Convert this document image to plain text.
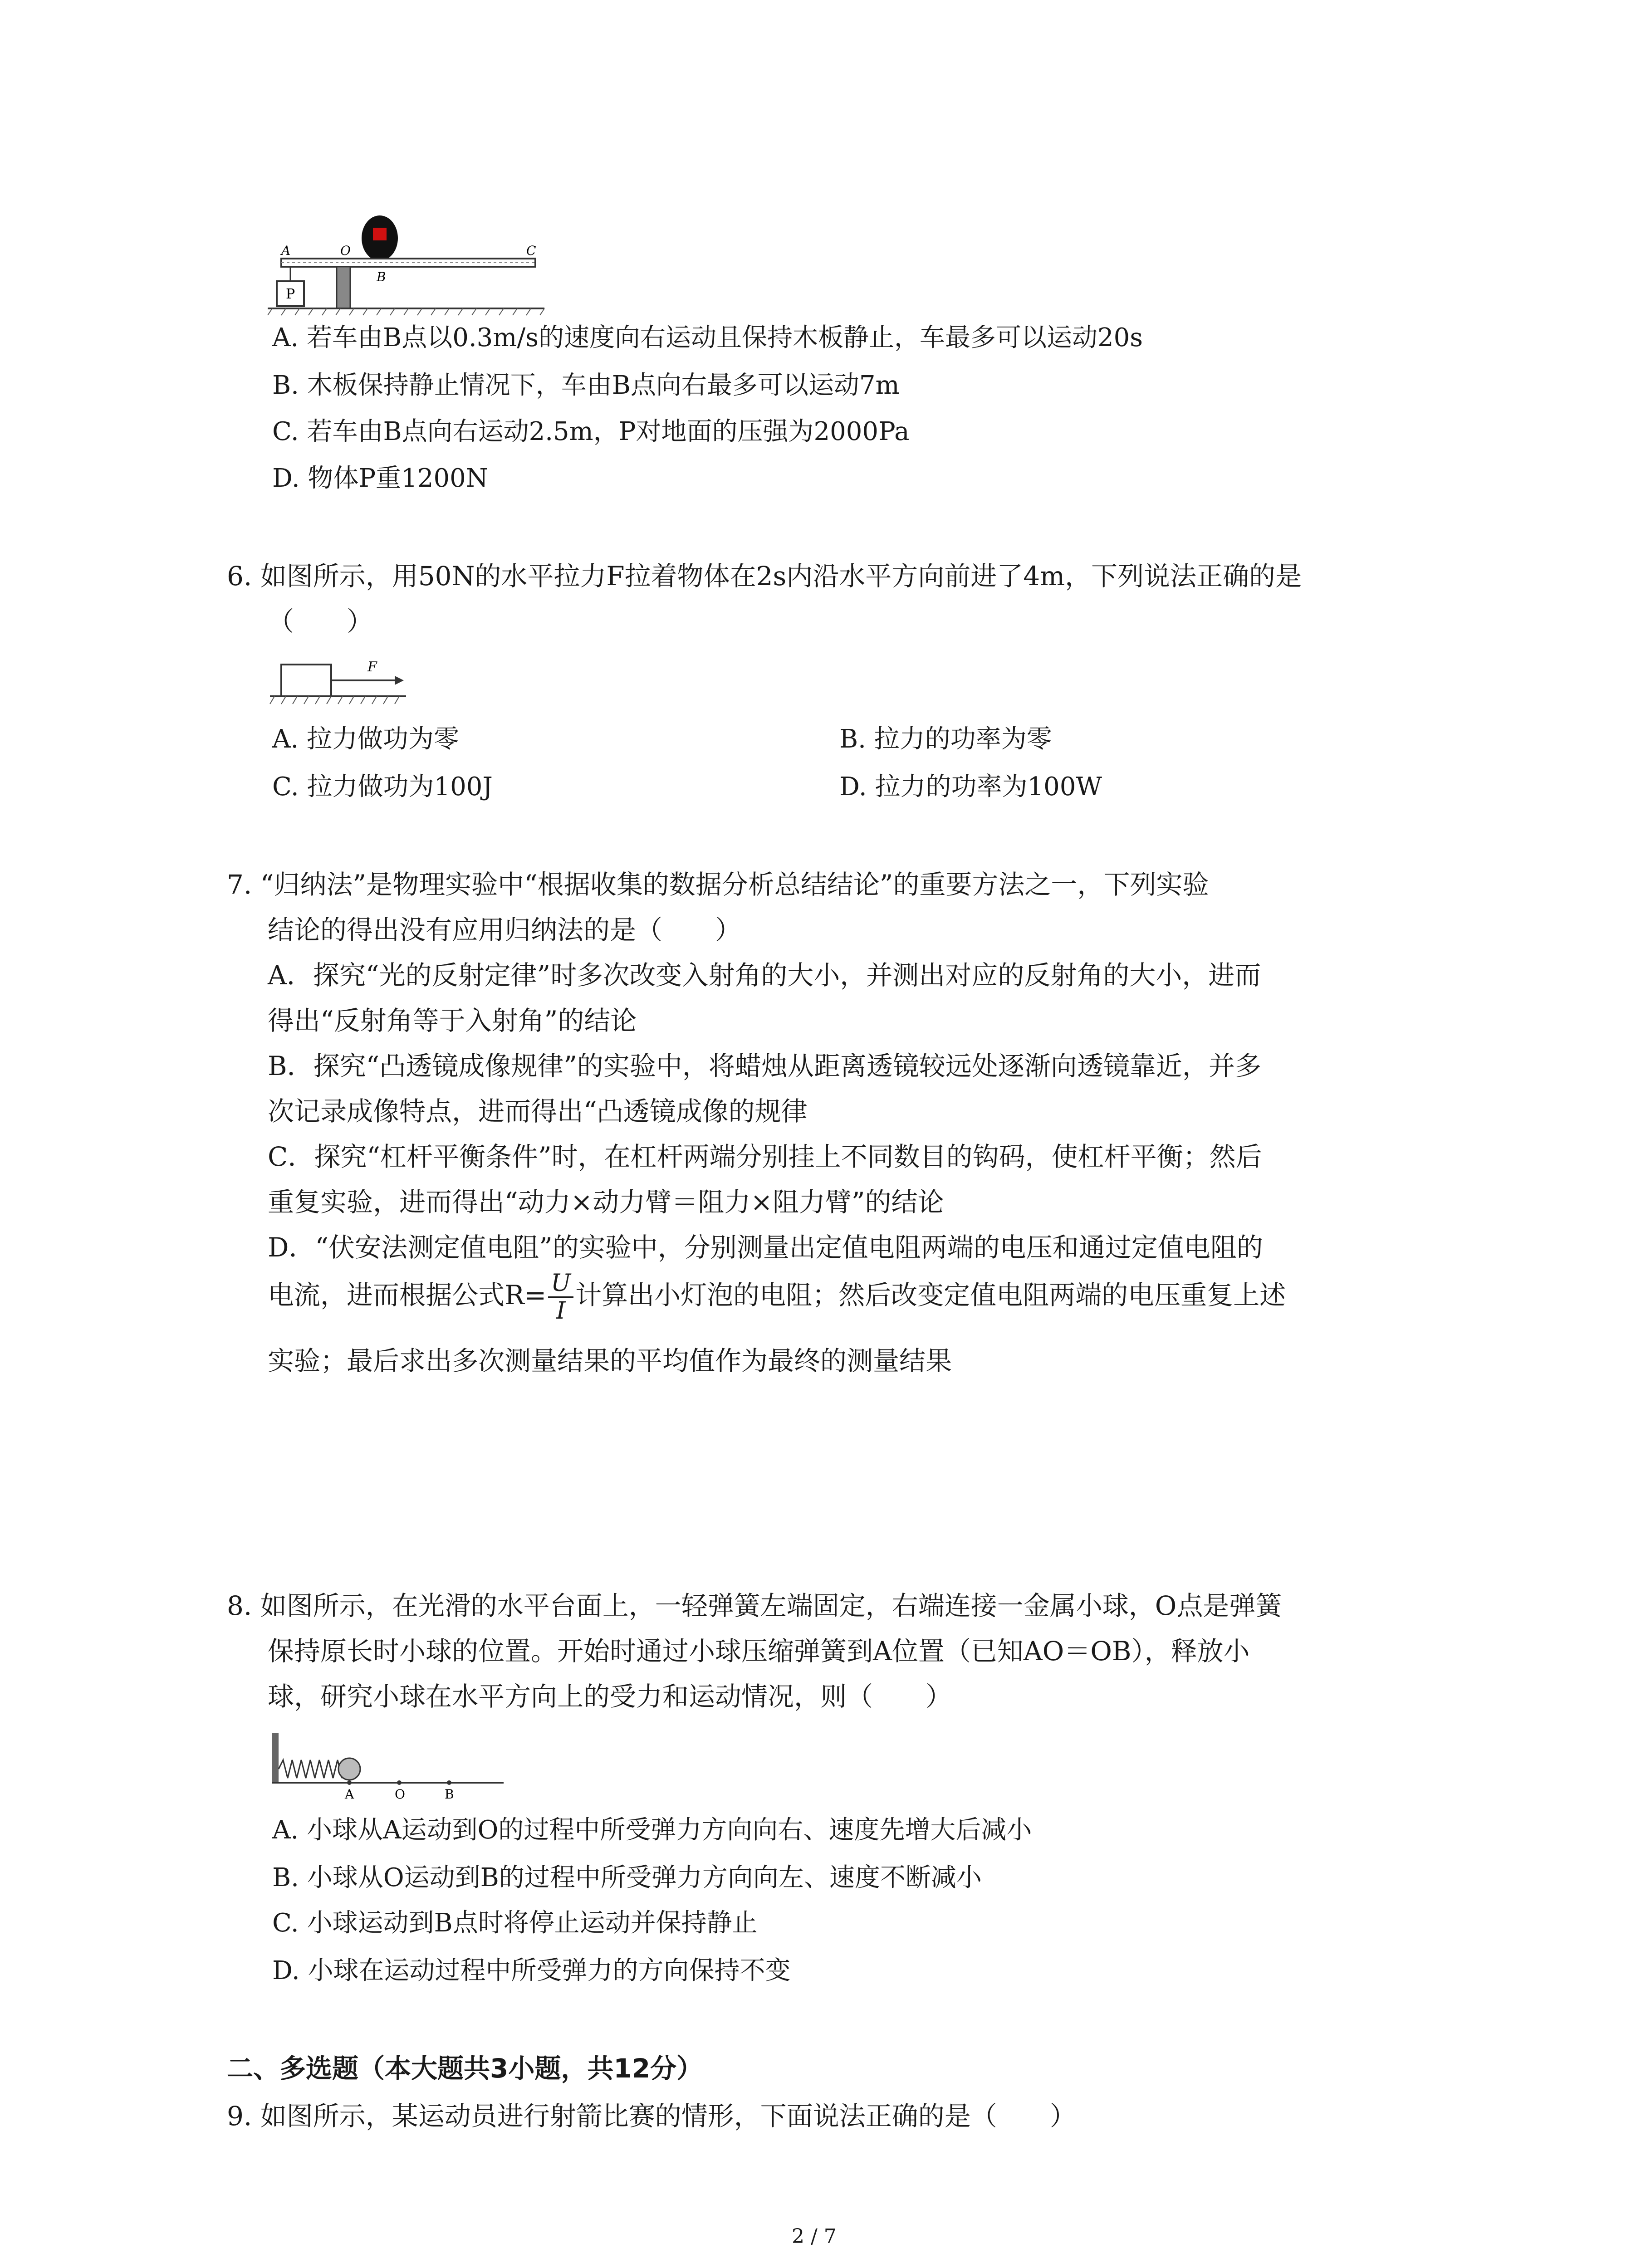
A	O	C
B
P
A. 若车由B点以0.3m/s的速度向右运动且保持木板静止，车最多可以运动20s
B. 木板保持静止情况下，车由B点向右最多可以运动7m
C. 若车由B点向右运动2.5m，P对地面的压强为2000Pa
D. 物体P重1200N
6. 如图所示，用50N的水平拉力F拉着物体在2s内沿水平方向前进了4m，下列说法正确的是
（　　）
F
A. 拉力做功为零	B. 拉力的功率为零
C. 拉力做功为100J	D. 拉力的功率为100W
7. “归纳法”是物理实验中“根据收集的数据分析总结结论”的重要方法之一，下列实验
结论的得出没有应用归纳法的是（　　）
A．探究“光的反射定律”时多次改变入射角的大小，并测出对应的反射角的大小，进而
得出“反射角等于入射角”的结论
B．探究“凸透镜成像规律”的实验中，将蜡烛从距离透镜较远处逐渐向透镜靠近，并多
次记录成像特点，进而得出“凸透镜成像的规律
C．探究“杠杆平衡条件”时，在杠杆两端分别挂上不同数目的钩码，使杠杆平衡；然后
重复实验，进而得出“动力×动力臂＝阻力×阻力臂”的结论
D．“伏安法测定值电阻”的实验中，分别测量出定值电阻两端的电压和通过定值电阻的
电流，进而根据公式$R= \frac{U}{I}$ 计算出小灯泡的电阻；然后改变定值电阻两端的电压重复上述
实验；最后求出多次测量结果的平均值作为最终的测量结果
8. 如图所示，在光滑的水平台面上，一轻弹簧左端固定，右端连接一金属小球，O点是弹簧
保持原长时小球的位置。开始时通过小球压缩弹簧到A位置（已知AO＝OB），释放小
球，研究小球在水平方向上的受力和运动情况，则（　　）
A	O	B
A. 小球从A运动到O的过程中所受弹力方向向右、速度先增大后减小
B. 小球从O运动到B的过程中所受弹力方向向左、速度不断减小
C. 小球运动到B点时将停止运动并保持静止
D. 小球在运动过程中所受弹力的方向保持不变
二、多选题（本大题共3小题，共12分）
9. 如图所示，某运动员进行射箭比赛的情形，下面说法正确的是（　　）
2 / 7
